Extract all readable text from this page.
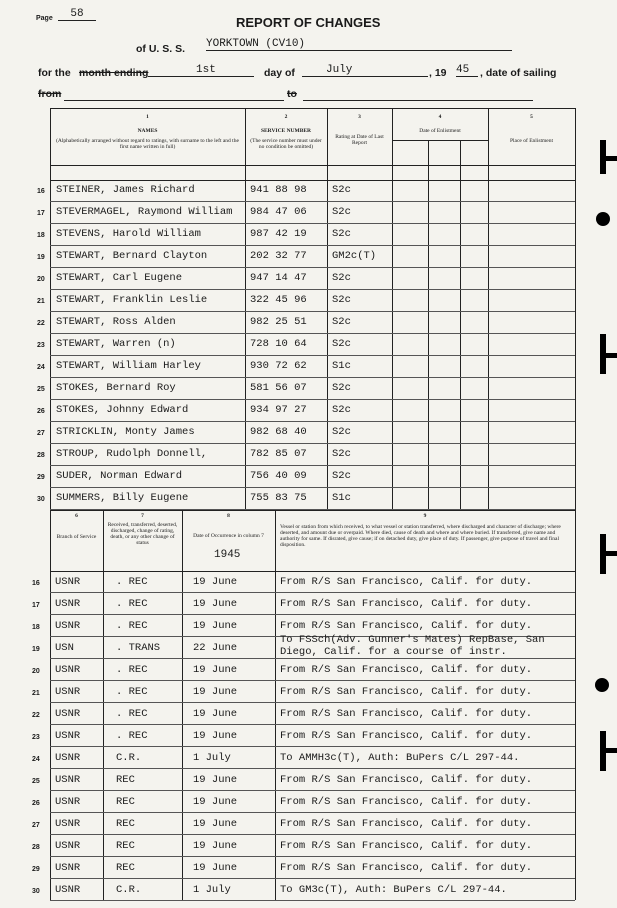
Page	58
REPORT OF CHANGES
of U. S. S. YORKTOWN (CV10)
for the month ending	1st	day of	July	, 19 45	, date of sailing
from	to
1
NAMES
(Alphabetically arranged without regard to ratings, with surname to the left and the first name written in full)
2
SERVICE NUMBER
(The service number must under no condition be omitted)
3
Rating at Date of Last Report
4
Date of Enlistment
5
Place of Enlistment
16 STEINER, James Richard	941 88 98 S2c
17 STEVERMAGEL, Raymond William 984 47 06 S2c
18 STEVENS, Harold William	987 42 19 S2c
19 STEWART, Bernard Clayton	202 32 77 GM2c(T)
20 STEWART, Carl Eugene	947 14 47 S2c
21 STEWART, Franklin Leslie	322 45 96 S2c
22 STEWART, Ross Alden	982 25 51 S2c
23 STEWART, Warren (n)	728 10 64 S2c
24 STEWART, William Harley	930 72 62 S1c
25 STOKES, Bernard Roy	581 56 07 S2c
26 STOKES, Johnny Edward	934 97 27 S2c
27 STRICKLIN, Monty James	982 68 40 S2c
28 STROUP, Rudolph Donnell,	782 85 07 S2c
29 SUDER, Norman Edward	756 40 09 S2c
30 SUMMERS, Billy Eugene	755 83 75 S1c
6
Branch of Service
7
Received, transferred, deserted, discharged, change of rating, death, or any other change of status
8
Date of Occurrence in column 7
1945
9
Vessel or station from which received, to what vessel or station transferred, where discharged and character of discharge; where deserted, and amount due or overpaid. Where died, cause of death and where and where buried. If transferred, give name and authority for same. If disrated, give cause; if on detached duty, give place of duty. If passenger, give purpose of travel and final disposition.
16 USNR	. REC	19 June	From R/S San Francisco, Calif. for duty.
17 USNR	. REC	19 June	From R/S San Francisco, Calif. for duty.
18 USNR	. REC	19 June	From R/S San Francisco, Calif. for duty.
19 USN	. TRANS	22 June
To FSSch(Adv. Gunner's Mates) RepBase, San
Diego, Calif. for a course of instr.
20 USNR	. REC	19 June	From R/S San Francisco, Calif. for duty.
21 USNR	. REC	19 June	From R/S San Francisco, Calif. for duty.
22 USNR	. REC	19 June	From R/S San Francisco, Calif. for duty.
23 USNR	. REC	19 June	From R/S San Francisco, Calif. for duty.
24 USNR	C.R.	1 July	To AMMH3c(T), Auth: BuPers C/L 297-44.
25 USNR	REC	19 June	From R/S San Francisco, Calif. for duty.
26 USNR	REC	19 June	From R/S San Francisco, Calif. for duty.
27 USNR	REC	19 June	From R/S San Francisco, Calif. for duty.
28 USNR	REC	19 June	From R/S San Francisco, Calif. for duty.
29 USNR	REC	19 June	From R/S San Francisco, Calif. for duty.
30 USNR	C.R.	1 July	To GM3c(T), Auth: BuPers C/L 297-44.
